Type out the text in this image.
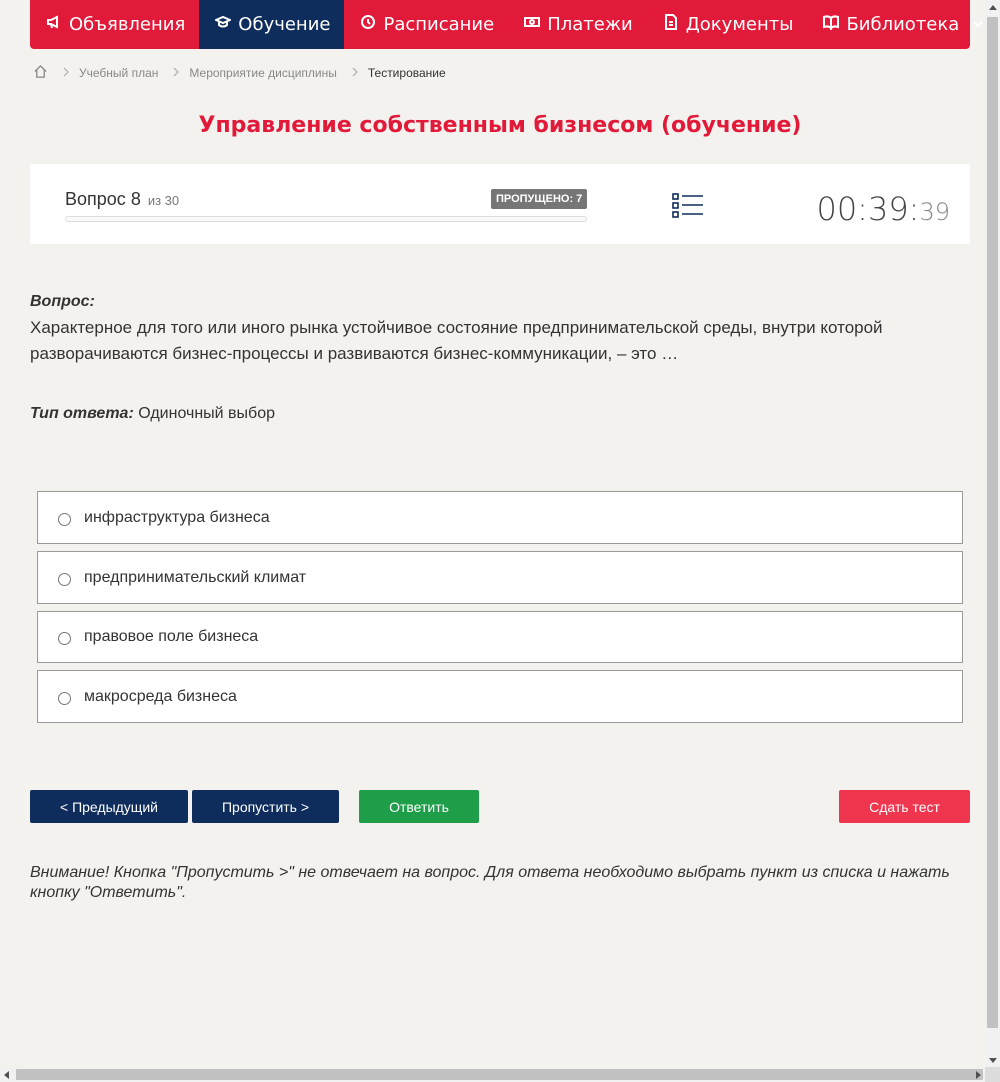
Объявления	Обучение	Расписание	Платежи	Документы	Библиотека
Учебный план	Мероприятие дисциплины	Тестирование
Управление собственным бизнесом (обучение)
Вопрос 8 из 30	ПРОПУЩЕНО: 7	00:39:39
Вопрос:
Характерное для того или иного рынка устойчивое состояние предпринимательской среды, внутри которой разворачиваются бизнес-процессы и развиваются бизнес-коммуникации, – это …
Тип ответа: Одиночный выбор
инфраструктура бизнеса
предпринимательский климат
правовое поле бизнеса
макросреда бизнеса
< Предыдущий	Пропустить >	Ответить	Сдать тест
Внимание! Кнопка "Пропустить >" не отвечает на вопрос. Для ответа необходимо выбрать пункт из списка и нажать кнопку "Ответить".
